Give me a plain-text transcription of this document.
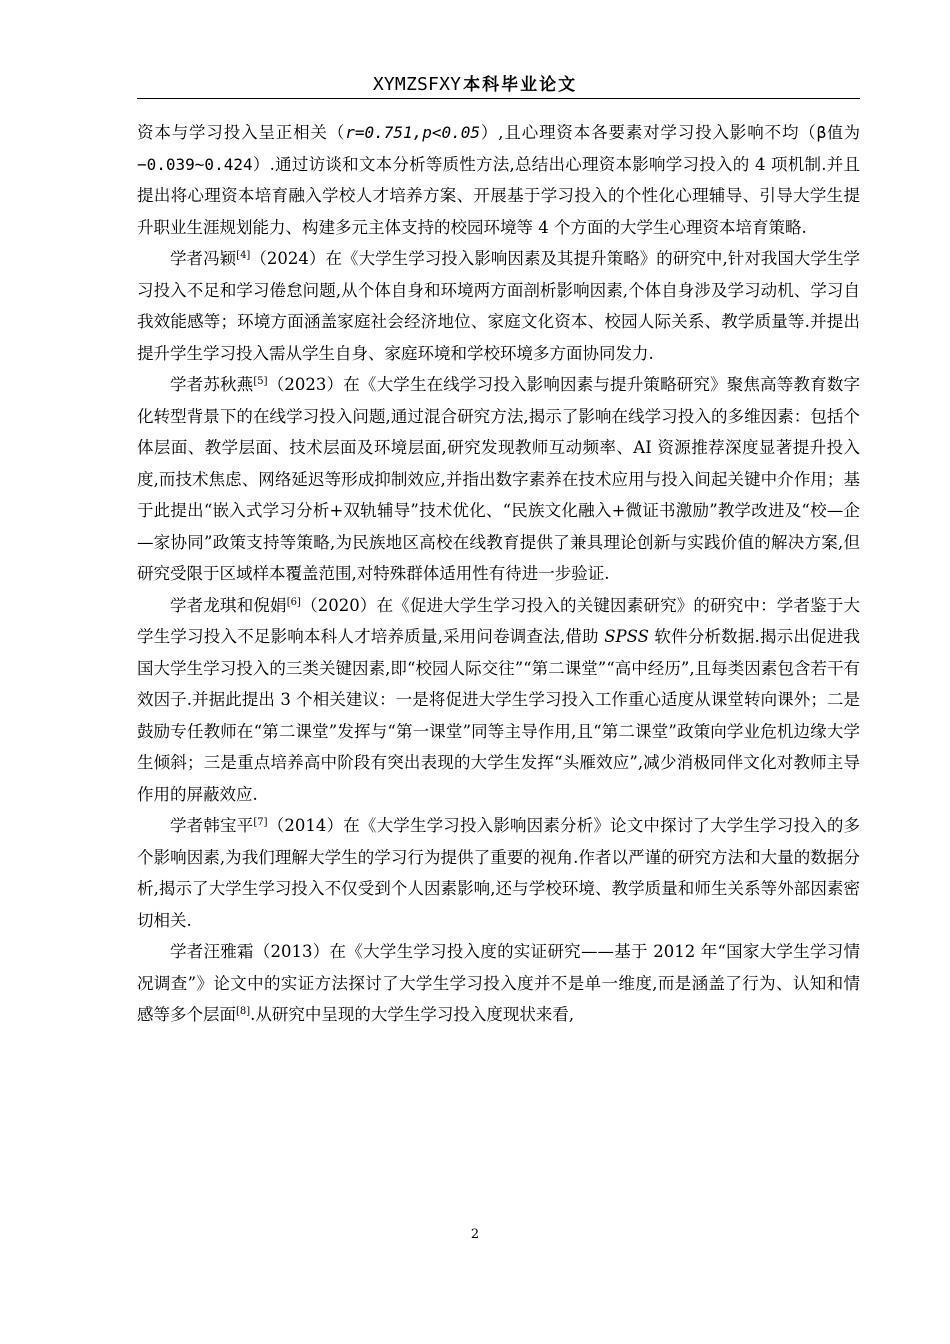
XYMZSFXY 本科毕业论文

资本与学习投入呈正相关（r=0.751,p<0.05）,且心理资本各要素对学习投入影响不均（β值为−0.039~0.424）.通过访谈和文本分析等质性方法,总结出心理资本影响学习投入的 4 项机制.并且提出将心理资本培育融入学校人才培养方案、开展基于学习投入的个性化心理辅导、引导大学生提升职业生涯规划能力、构建多元主体支持的校园环境等 4 个方面的大学生心理资本培育策略.

学者冯颖[4]（2024）在《大学生学习投入影响因素及其提升策略》的研究中,针对我国大学生学习投入不足和学习倦怠问题,从个体自身和环境两方面剖析影响因素,个体自身涉及学习动机、学习自我效能感等；环境方面涵盖家庭社会经济地位、家庭文化资本、校园人际关系、教学质量等.并提出提升学生学习投入需从学生自身、家庭环境和学校环境多方面协同发力.

学者苏秋燕[5]（2023）在《大学生在线学习投入影响因素与提升策略研究》聚焦高等教育数字化转型背景下的在线学习投入问题,通过混合研究方法,揭示了影响在线学习投入的多维因素：包括个体层面、教学层面、技术层面及环境层面,研究发现教师互动频率、AI 资源推荐深度显著提升投入度,而技术焦虑、网络延迟等形成抑制效应,并指出数字素养在技术应用与投入间起关键中介作用；基于此提出“嵌入式学习分析+双轨辅导”技术优化、“民族文化融入+微证书激励”教学改进及“校—企—家协同”政策支持等策略,为民族地区高校在线教育提供了兼具理论创新与实践价值的解决方案,但研究受限于区域样本覆盖范围,对特殊群体适用性有待进一步验证.

学者龙琪和倪娟[6]（2020）在《促进大学生学习投入的关键因素研究》的研究中：学者鉴于大学生学习投入不足影响本科人才培养质量,采用问卷调查法,借助 SPSS 软件分析数据.揭示出促进我国大学生学习投入的三类关键因素,即“校园人际交往”“第二课堂”“高中经历”,且每类因素包含若干有效因子.并据此提出 3 个相关建议：一是将促进大学生学习投入工作重心适度从课堂转向课外；二是鼓励专任教师在“第二课堂”发挥与“第一课堂”同等主导作用,且“第二课堂”政策向学业危机边缘大学生倾斜；三是重点培养高中阶段有突出表现的大学生发挥“头雁效应”,减少消极同伴文化对教师主导作用的屏蔽效应.

学者韩宝平[7]（2014）在《大学生学习投入影响因素分析》论文中探讨了大学生学习投入的多个影响因素,为我们理解大学生的学习行为提供了重要的视角.作者以严谨的研究方法和大量的数据分析,揭示了大学生学习投入不仅受到个人因素影响,还与学校环境、教学质量和师生关系等外部因素密切相关.

学者汪雅霜（2013）在《大学生学习投入度的实证研究——基于 2012 年“国家大学生学习情况调查”》论文中的实证方法探讨了大学生学习投入度并不是单一维度,而是涵盖了行为、认知和情感等多个层面[8].从研究中呈现的大学生学习投入度现状来看,

2
